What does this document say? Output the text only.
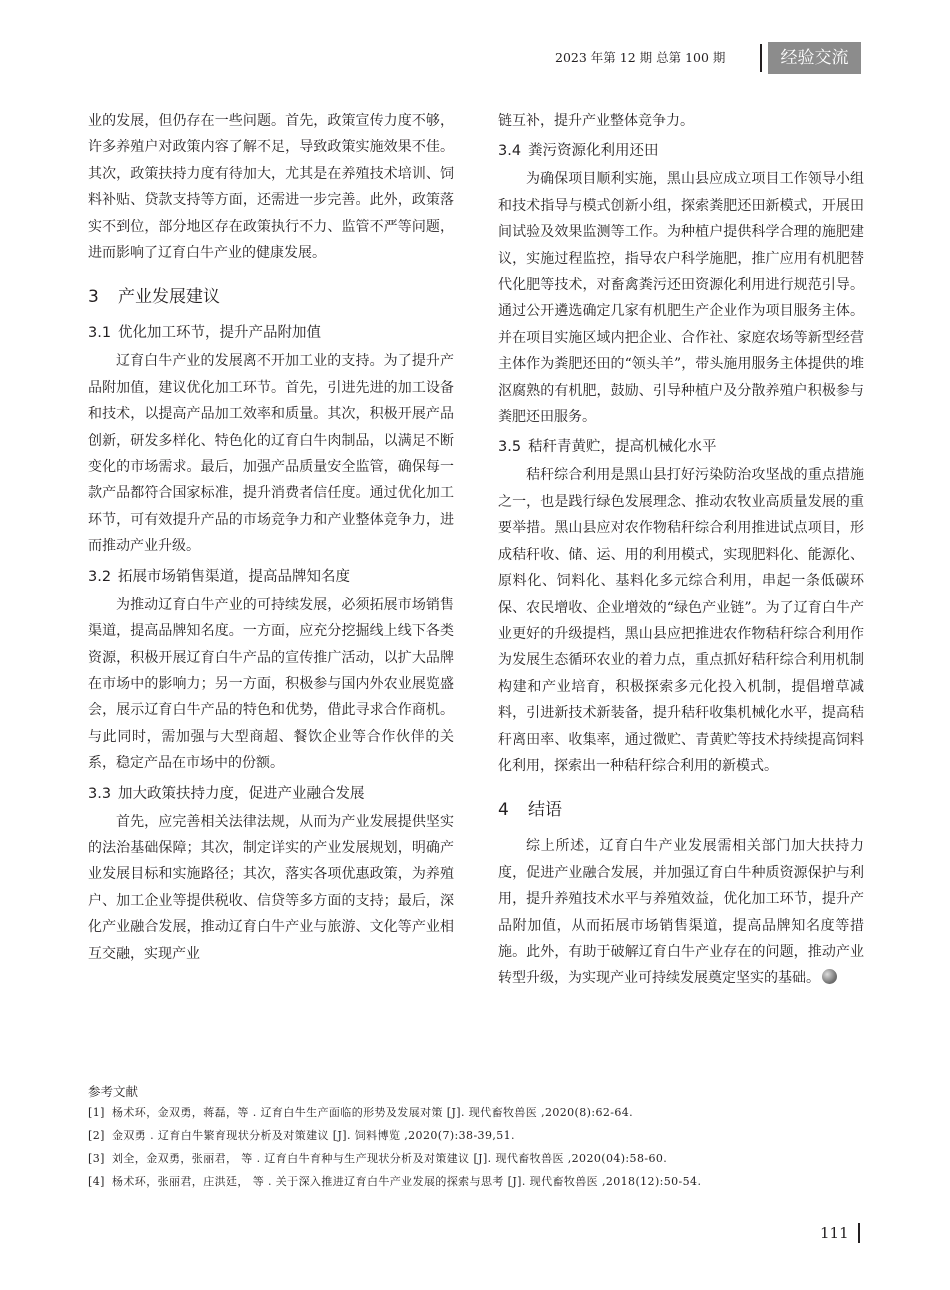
2023 年第 12 期 总第 100 期	经验交流

业的发展，但仍存在一些问题。首先，政策宣传力度不够，许多养殖户对政策内容了解不足，导致政策实施效果不佳。其次，政策扶持力度有待加大，尤其是在养殖技术培训、饲料补贴、贷款支持等方面，还需进一步完善。此外，政策落实不到位，部分地区存在政策执行不力、监管不严等问题，进而影响了辽育白牛产业的健康发展。

3 产业发展建议
3.1 优化加工环节，提升产品附加值

辽育白牛产业的发展离不开加工业的支持。为了提升产品附加值，建议优化加工环节。首先，引进先进的加工设备和技术，以提高产品加工效率和质量。其次，积极开展产品创新，研发多样化、特色化的辽育白牛肉制品，以满足不断变化的市场需求。最后，加强产品质量安全监管，确保每一款产品都符合国家标准，提升消费者信任度。通过优化加工环节，可有效提升产品的市场竞争力和产业整体竞争力，进而推动产业升级。

3.2 拓展市场销售渠道，提高品牌知名度

为推动辽育白牛产业的可持续发展，必须拓展市场销售渠道，提高品牌知名度。一方面，应充分挖掘线上线下各类资源，积极开展辽育白牛产品的宣传推广活动，以扩大品牌在市场中的影响力；另一方面，积极参与国内外农业展览盛会，展示辽育白牛产品的特色和优势，借此寻求合作商机。与此同时，需加强与大型商超、餐饮企业等合作伙伴的关系，稳定产品在市场中的份额。

3.3 加大政策扶持力度，促进产业融合发展

首先，应完善相关法律法规，从而为产业发展提供坚实的法治基础保障；其次，制定详实的产业发展规划，明确产业发展目标和实施路径；其次，落实各项优惠政策，为养殖户、加工企业等提供税收、信贷等多方面的支持；最后，深化产业融合发展，推动辽育白牛产业与旅游、文化等产业相互交融，实现产业

链互补，提升产业整体竞争力。

3.4 粪污资源化利用还田

为确保项目顺利实施，黑山县应成立项目工作领导小组和技术指导与模式创新小组，探索粪肥还田新模式，开展田间试验及效果监测等工作。为种植户提供科学合理的施肥建议，实施过程监控，指导农户科学施肥，推广应用有机肥替代化肥等技术，对畜禽粪污还田资源化利用进行规范引导。通过公开遴选确定几家有机肥生产企业作为项目服务主体。并在项目实施区域内把企业、合作社、家庭农场等新型经营主体作为粪肥还田的“领头羊”，带头施用服务主体提供的堆沤腐熟的有机肥，鼓励、引导种植户及分散养殖户积极参与粪肥还田服务。

3.5 秸秆青黄贮，提高机械化水平

秸秆综合利用是黑山县打好污染防治攻坚战的重点措施之一，也是践行绿色发展理念、推动农牧业高质量发展的重要举措。黑山县应对农作物秸秆综合利用推进试点项目，形成秸秆收、储、运、用的利用模式，实现肥料化、能源化、原料化、饲料化、基料化多元综合利用，串起一条低碳环保、农民增收、企业增效的“绿色产业链”。为了辽育白牛产业更好的升级提档，黑山县应把推进农作物秸秆综合利用作为发展生态循环农业的着力点，重点抓好秸秆综合利用机制构建和产业培育，积极探索多元化投入机制，提倡增草减料，引进新技术新装备，提升秸秆收集机械化水平，提高秸秆离田率、收集率，通过微贮、青黄贮等技术持续提高饲料化利用，探索出一种秸秆综合利用的新模式。

4 结语

综上所述，辽育白牛产业发展需相关部门加大扶持力度，促进产业融合发展，并加强辽育白牛种质资源保护与利用，提升养殖技术水平与养殖效益，优化加工环节，提升产品附加值，从而拓展市场销售渠道，提高品牌知名度等措施。此外，有助于破解辽育白牛产业存在的问题，推动产业转型升级，为实现产业可持续发展奠定坚实的基础。

参考文献
[1] 杨术环，金双勇，蒋磊，等 . 辽育白牛生产面临的形势及发展对策 [J]. 现代畜牧兽医 ,2020(8):62-64.
[2] 金双勇 . 辽育白牛繁育现状分析及对策建议 [J]. 饲料博览 ,2020(7):38-39,51.
[3] 刘全，金双勇，张丽君， 等 . 辽育白牛育种与生产现状分析及对策建议 [J]. 现代畜牧兽医 ,2020(04):58-60.
[4] 杨术环，张丽君，庄洪廷， 等 . 关于深入推进辽育白牛产业发展的探索与思考 [J]. 现代畜牧兽医 ,2018(12):50-54.
111
